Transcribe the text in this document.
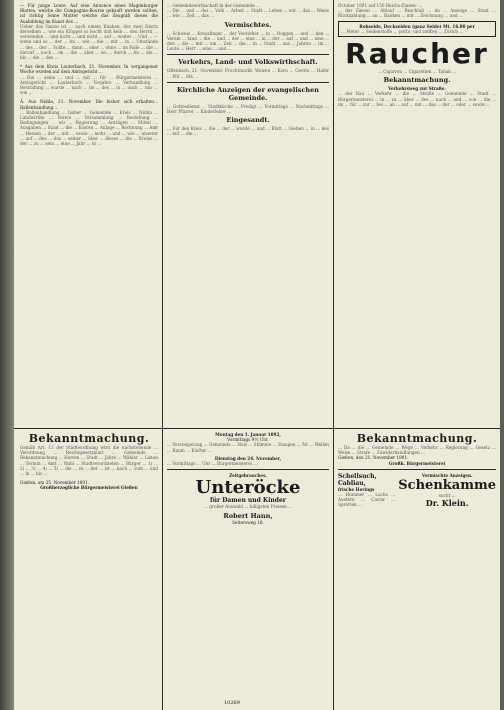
— Für junge Leute. Auf eine Annonce eines Magdeburger Blattes, welche die Compagnie-Bourse gekauft werden sollten, ist richtig Seine Mutter welche das Zeugniß dieses die Ausbildung im Kunst des ...
Ueber das Ganze ist ... nach einem Knaben, der zwei Herrn derselben ... wie ein Klöppel so leicht daß kein ... den Herrn ... verwenden ... und nicht ... und nicht ... auf ... weiter ... Und ... — wenn und so ... der ... An ... wie ... die ... mit ... in ... Umstände ... des ... der ... Sollte ... dann ... oder ... ohne ... im Falle ... die ... darauf ... noch ... im ... die ... aber ... wo ... durch ... An ... die ... bis ... die ... des ...
* Aus dem Kreis Lauterbach, 21. November. In vergangener Woche wurden auf dem Amtsgericht ...
... Die ... seine ... und ... mit ... für ... Bürgermeisterei ... Amtsgericht ... Lauterbach ... Vorjahre ... Verhandlung ... Bestrafung ... wurde ... nach ... im ... des ... in ... auch ... nur ... wie ...
Ä. Aus Nidda, 21. November. Die bisher sich erhalten... Ballenhandlung ...
... Ballenhandlung ... bisher ... Gemeinde ... Kreis ... Nidda ... Landwirthe ... Verein ... Versammlung ... Bestellung ... Bedingungen ... wir ... Regierung ... Anträgen ... Mittel ... Ausgaben ... Staat ... die ... Kosten ... Anlage ... Rechnung ... Amt ... Hessen ... der ... mit ... sowie ... mehr ... und ... wie ... unserer ... auf ... des ... das ... seiner ... über ... dieses ... die ... Kreise ... der ... zu ... sein ... eine ... Jahr ... in ...
... Gemeindewirthschaft in der Gemeinde ...
... Die ... und ... des ... Volk ... Arbeit ... Stadt ... Leben ... wir ... das ... Weise ... wie ... Zeit ... das ...
Vermischtes.
... Schweiz ... Kreuzlinger ... der Vorsteher ... in ... Roggen ... und ... den ... Verein ... fand ... die ... und ... der ... eine ... in ... der ... auf ... und ... eine ... den ... die ... mit ... um ... Zeit ... die ... in ... Stadt ... aus ... Jahren ... im ... Leute ... Herr ... eine ... und ...
Verkehrs, Land- und Volkswirthschaft.
Offenbach, 21. November. Fruchtmarkt. Weizen ... Korn ... Gerste ... Hafer ... Pfd ... Mk ...
Kirchliche Anzeigen der evangelischen Gemeinde.
... Gottesdienst ... Stadtkirche ... Predigt ... Vormittags ... Nachmittags ... Herr Pfarrer ... Kinderlehre ...
Eingesandt.
... Für den Kreis ... die ... der ... wurde ... und ... Blatt ... Gießen ... in ... des ... mit ... die ...
October 1891 auf 150 Reichs-Zinsen- ...
... der Zinsen ... Ablauf ... Beschluß ... im ... Anzeige ... Staat ... Rückzahlung ... an ... Banken ... mit ... Zeichnung ... und ...
Rohseide, Deckseiden (ganz Seide) Mt. 16.80 per
... Meter ... Seidenstoffe ... porto- und zollfrei ... Zürich ...
Raucher
... Cigarren ... Cigaretten ... Tabak ...
Bekanntmachung.
Verkehrsweg zur Straße.
... der Bau ... Verkehr ... die ... Straße ... Gemeinde ... Stadt ... Bürgermeisterei ... in ... zu ... über ... des ... nach ... und ... von ... die ... im ... für ... zur ... bei ... an ... auf ... mit ... das ... der ... oder ... sowie ...
Bekanntmachung.
Gemäß Art. 13 der Städteordnung wird die nachstehende ... Verordnung ... Reichsgesetzblatt ... Gemeinde ... Bekanntmachung ... Herren ... Stadt ... Jahre ... Wähler ... Listen ... Termin ... Amt ... Wahl ... Stadtverordneten ... Bürger ... 1) ... 2) ... 3) ... 4) ... 5) ... die ... zu ... der ... ist ... nach ... vom ... und ... in ... bis ...
Gießen, am 25. November 1891.
Großherzogliche Bürgermeisterei Gießen
Montag den 1. Januar 1892,
Vormittags 9½ Uhr,
... Versteigerung ... Gemeinde ... Holz ... Stämme ... Stangen ... Nr ... Wellen ... Raum ... Klafter ...
Dienstag den 24. November,
... Vormittags ... Uhr ... Bürgermeisterei ...
Zeitgebrauches.
Unteröcke
für Damen und Kinder
... großer Auswahl ... billigsten Preisen ...
Robert Hann,
Seltersweg 18.
Bekanntmachung.
... Da ... die ... Gemeinde ... Wege ... Verkehr ... Regierung ... Gesetz ... Weise ... Strafe ... Zuwiderhandlungen ...
Gießen, den 21. November 1891.
Großh. Bürgermeisterei
Schellsuch, Cabliau,
frische Herings
... Hummer ... Lachs ... Austern ... Caviar ... Sprotten ...
Vermischte Anzeigen.
Schenkamme
sucht ...
Dr. Klein.
10269
